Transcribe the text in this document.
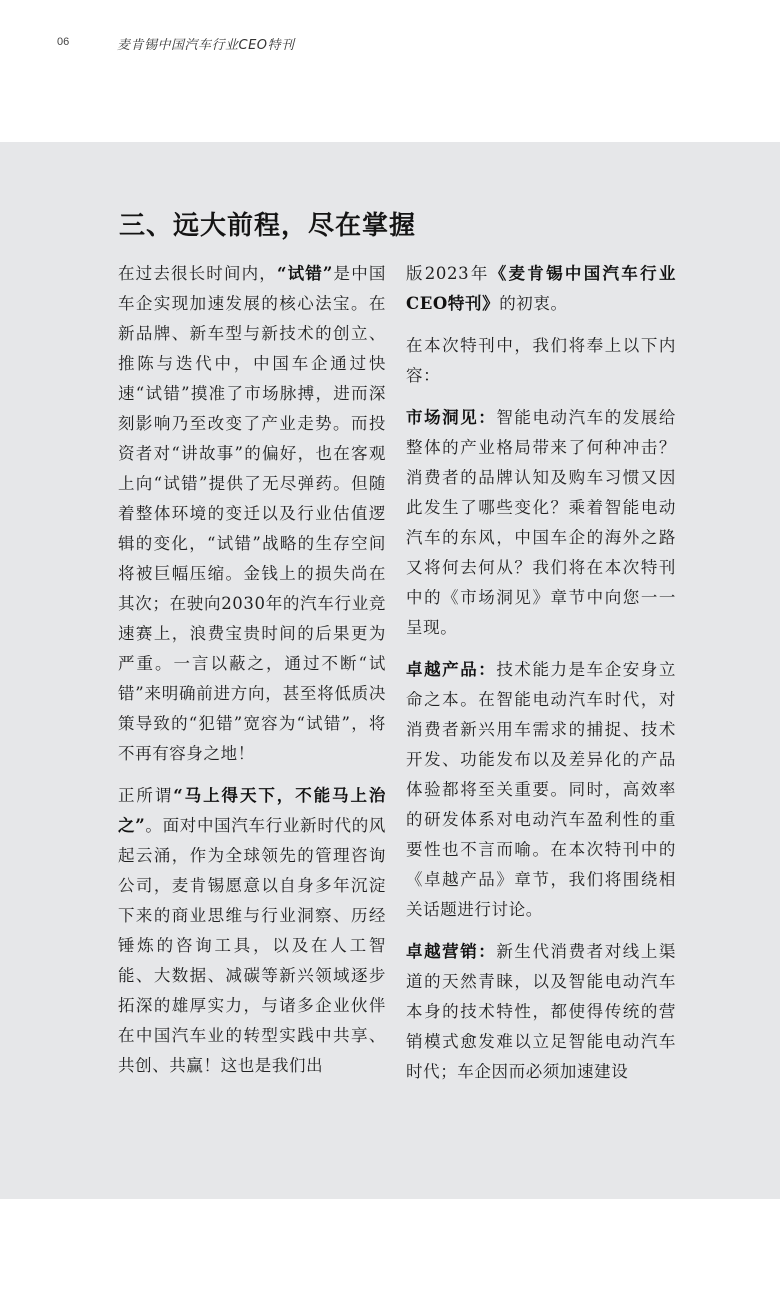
06	麦肯锡中国汽车行业CEO特刊
三、远大前程，尽在掌握

在过去很长时间内，“试错”是中国车企实现加速发展的核心法宝。在新品牌、新车型与新技术的创立、推陈与迭代中，中国车企通过快速“试错”摸准了市场脉搏，进而深刻影响乃至改变了产业走势。而投资者对“讲故事”的偏好，也在客观上向“试错”提供了无尽弹药。但随着整体环境的变迁以及行业估值逻辑的变化，“试错”战略的生存空间将被巨幅压缩。金钱上的损失尚在其次；在驶向2030年的汽车行业竞速赛上，浪费宝贵时间的后果更为严重。一言以蔽之，通过不断“试错”来明确前进方向，甚至将低质决策导致的“犯错”宽容为“试错”，将不再有容身之地！

正所谓“马上得天下，不能马上治之”。面对中国汽车行业新时代的风起云涌，作为全球领先的管理咨询公司，麦肯锡愿意以自身多年沉淀下来的商业思维与行业洞察、历经锤炼的咨询工具，以及在人工智能、大数据、减碳等新兴领域逐步拓深的雄厚实力，与诸多企业伙伴在中国汽车业的转型实践中共享、共创、共赢！这也是我们出

版2023年《麦肯锡中国汽车行业CEO特刊》的初衷。

在本次特刊中，我们将奉上以下内容：

市场洞见：智能电动汽车的发展给整体的产业格局带来了何种冲击？消费者的品牌认知及购车习惯又因此发生了哪些变化？乘着智能电动汽车的东风，中国车企的海外之路又将何去何从？我们将在本次特刊中的《市场洞见》章节中向您一一呈现。

卓越产品：技术能力是车企安身立命之本。在智能电动汽车时代，对消费者新兴用车需求的捕捉、技术开发、功能发布以及差异化的产品体验都将至关重要。同时，高效率的研发体系对电动汽车盈利性的重要性也不言而喻。在本次特刊中的《卓越产品》章节，我们将围绕相关话题进行讨论。

卓越营销：新生代消费者对线上渠道的天然青睐，以及智能电动汽车本身的技术特性，都使得传统的营销模式愈发难以立足智能电动汽车时代；车企因而必须加速建设
